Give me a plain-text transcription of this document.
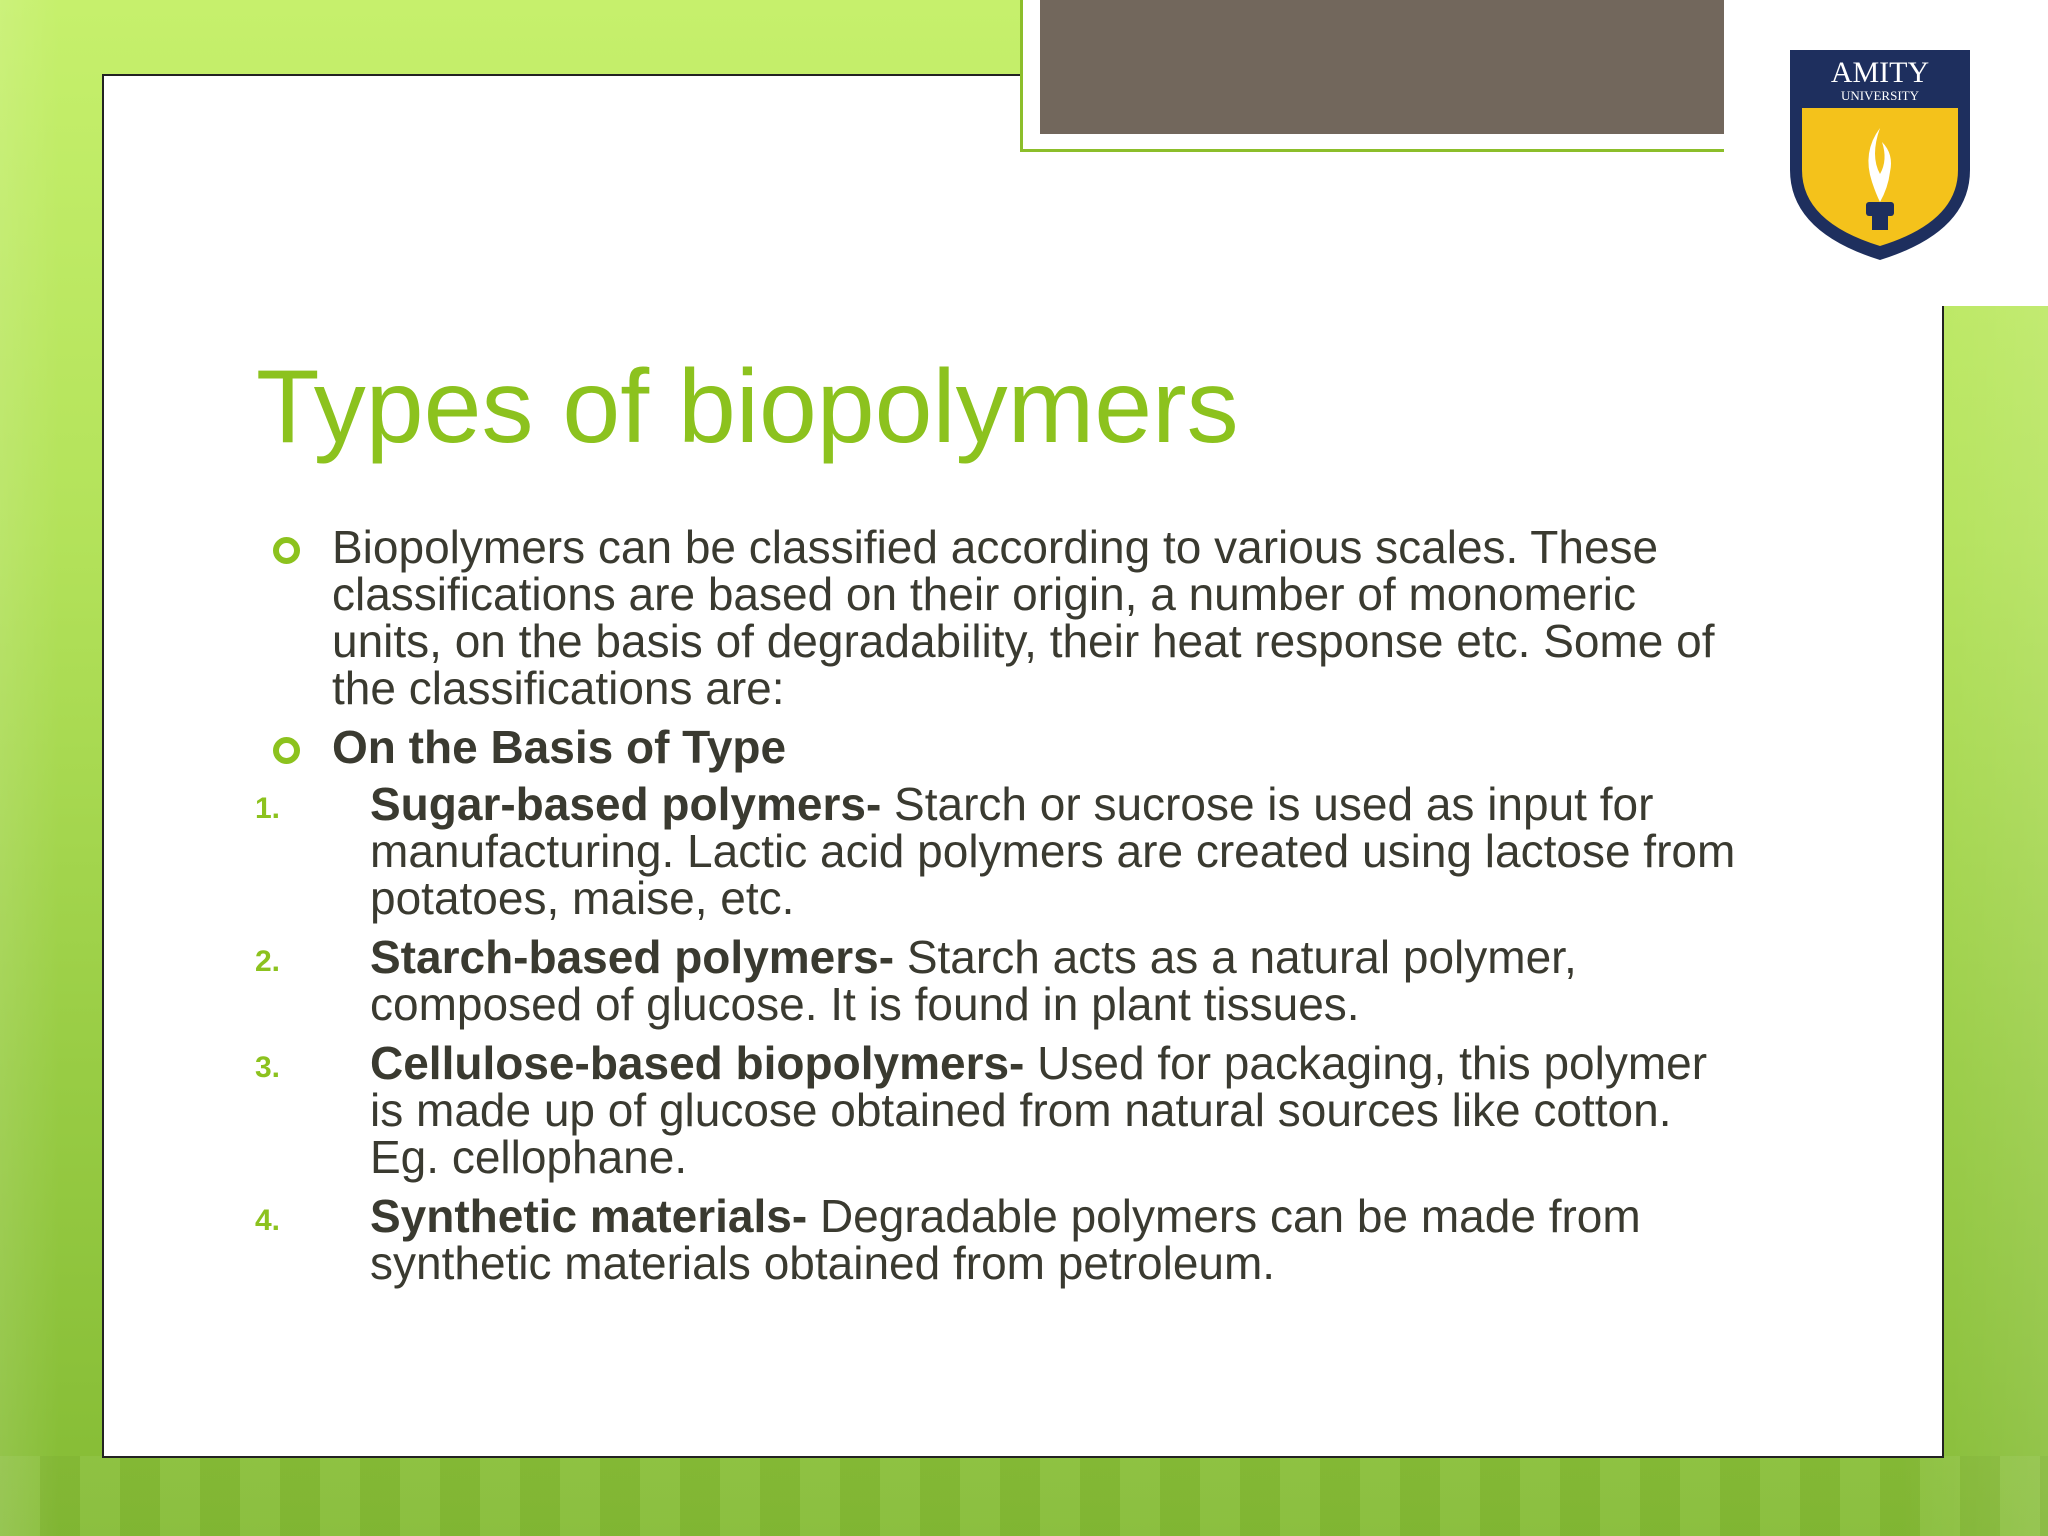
AMITY
UNIVERSITY
Types of biopolymers
Biopolymers can be classified according to various scales. These classifications are based on their origin, a number of monomeric units, on the basis of degradability, their heat response etc. Some of the classifications are:
On the Basis of Type
1. Sugar-based polymers- Starch or sucrose is used as input for manufacturing. Lactic acid polymers are created using lactose from potatoes, maise, etc.
2. Starch-based polymers- Starch acts as a natural polymer, composed of glucose. It is found in plant tissues.
3. Cellulose-based biopolymers- Used for packaging, this polymer is made up of glucose obtained from natural sources like cotton. Eg. cellophane.
4. Synthetic materials- Degradable polymers can be made from synthetic materials obtained from petroleum.
